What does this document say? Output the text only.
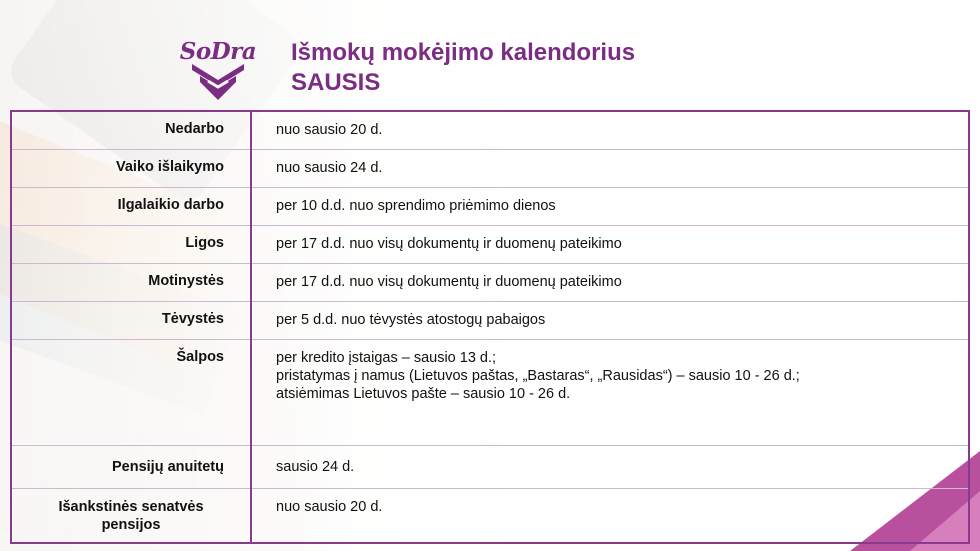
SoDra	Išmokų mokėjimo kalendorius
SAUSIS
Nedarbo	nuo sausio 20 d.

Vaiko išlaikymo	nuo sausio 24 d.

Ilgalaikio darbo	per 10 d.d. nuo sprendimo priėmimo dienos

Ligos	per 17 d.d. nuo visų dokumentų ir duomenų pateikimo

Motinystės	per 17 d.d. nuo visų dokumentų ir duomenų pateikimo

Tėvystės	per 5 d.d. nuo tėvystės atostogų pabaigos

Šalpos	per kredito įstaigas – sausio 13 d.;
pristatymas į namus (Lietuvos paštas, „Bastaras“, „Rausidas“) – sausio 10 - 26 d.;
atsiėmimas Lietuvos pašte – sausio 10 - 26 d.

Pensijų anuitetų	sausio 24 d.

Išankstinės senatvės pensijos	nuo sausio 20 d.
